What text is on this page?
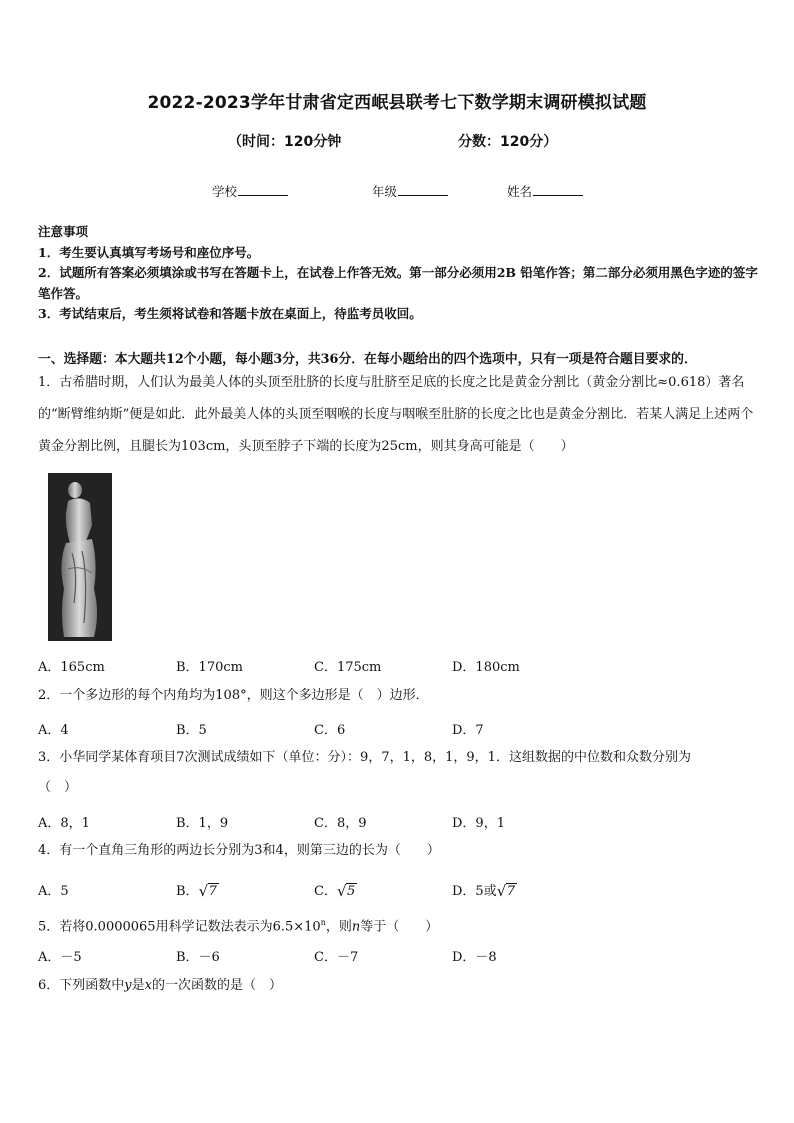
2022-2023学年甘肃省定西岷县联考七下数学期末调研模拟试题
（时间：120分钟	分数：120分）
学校	年级	姓名
注意事项
1．考生要认真填写考场号和座位序号。
2．试题所有答案必须填涂或书写在答题卡上，在试卷上作答无效。第一部分必须用2B 铅笔作答；第二部分必须用黑色字迹的签字笔作答。
3．考试结束后，考生须将试卷和答题卡放在桌面上，待监考员收回。
一、选择题：本大题共12个小题，每小题3分，共36分．在每小题给出的四个选项中，只有一项是符合题目要求的．
1．古希腊时期，人们认为最美人体的头顶至肚脐的长度与肚脐至足底的长度之比是黄金分割比（黄金分割比≈0.618）著名的“断臂维纳斯”便是如此．此外最美人体的头顶至咽喉的长度与咽喉至肚脐的长度之比也是黄金分割比．若某人满足上述两个黄金分割比例，且腿长为103cm，头顶至脖子下端的长度为25cm，则其身高可能是（　　）
A．165cm	B．170cm	C．175cm	D．180cm
2．一个多边形的每个内角均为108°，则这个多边形是（　）边形．
A．4	B．5	C．6	D．7
3．小华同学某体育项目7次测试成绩如下（单位：分）：9，7，1，8，1，9，1．这组数据的中位数和众数分别为
（　）
A．8，1	B．1，9	C．8，9	D．9，1
4．有一个直角三角形的两边长分别为3和4，则第三边的长为（　　）
A．5	B． √ 7	C． √ 5	D．5或 √ 7
5．若将0.0000065用科学记数法表示为$6.5\times 10^n$，则n等于（　　）
A．－5	B．－6	C．－7	D．－8
6．下列函数中y是x的一次函数的是（　）
